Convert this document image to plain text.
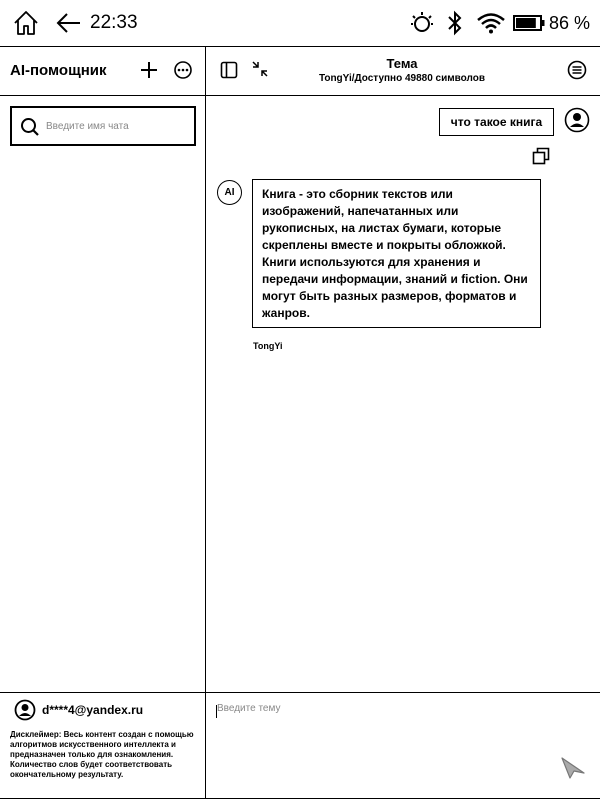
22:33	86 %
AI-помощник
Введите имя чата	Тема
TongYi/Доступно 49880 символов
что такое книга
AI	Книга - это сборник текстов или изображений, напечатанных или рукописных, на листах бумаги, которые скреплены вместе и покрыты обложкой. Книги используются для хранения и передачи информации, знаний и fiction. Они могут быть разных размеров, форматов и жанров.
TongYi
d****4@yandex.ru
Дисклеймер: Весь контент создан с помощью алгоритмов искусственного интеллекта и предназначен только для ознакомления. Количество слов будет соответствовать окончательному результату.
Введите тему
